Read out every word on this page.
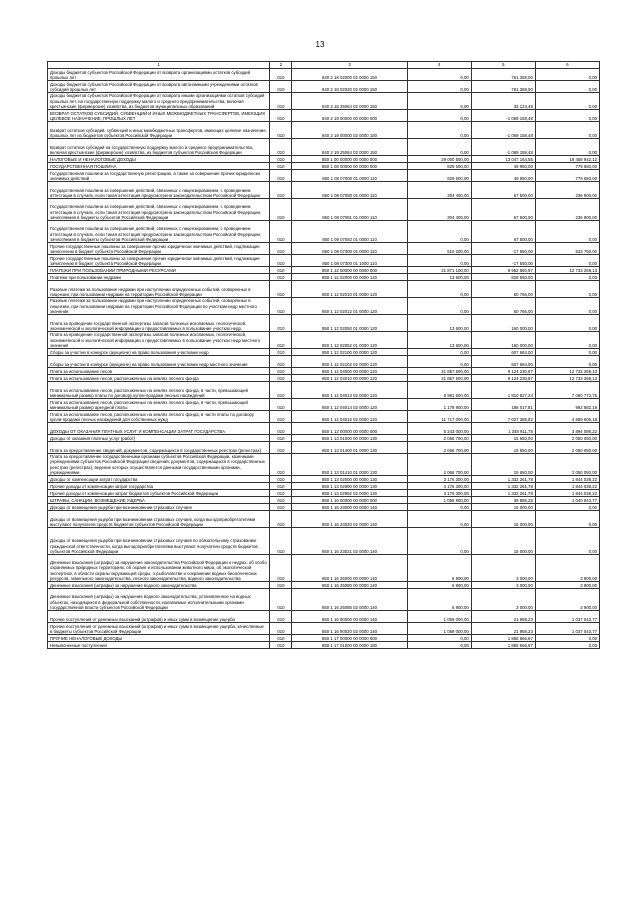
13
1	2	3	4	5	6
Доходы бюджетов субъектов Российской Федерации от возврата организациями остатков субсидий прошлых лет	010	840 2 18 02000 02 0000 150	0,00	761 368,00	0,00
Доходы бюджетов субъектов Российской Федерации от возврата автономными учреждениями остатков субсидий прошлых лет	010	840 2 18 02020 02 0000 150	0,00	761 368,00	0,00
Доходы бюджетов субъектов Российской Федерации от возврата иными организациями остатков субсидий прошлых лет, на государственную поддержку малого и среднего предпринимательства, включая крестьянские (фермерские) хозяйства, из бюджетов муниципальных образований	010	840 2 18 25064 02 0000 150	0,00	33 123,48	0,00
ВОЗВРАТ ОСТАТКОВ СУБСИДИЙ, СУБВЕНЦИЙ И ИНЫХ МЕЖБЮДЖЕТНЫХ ТРАНСФЕРТОВ, ИМЕЮЩИХ ЦЕЛЕВОЕ НАЗНАЧЕНИЕ, ПРОШЛЫХ ЛЕТ	010	840 2 19 00000 00 0000 000	0,00	-1 069 158,48	0,00
Возврат остатков субсидий, субвенций и иных межбюджетных трансфертов, имеющих целевое назначение, прошлых лет из бюджетов субъектов Российской Федерации	010	840 2 19 00000 02 0000 150	0,00	-1 069 158,48	0,00
Возврат остатков субсидий на государственную поддержку малого и среднего предпринимательства, включая крестьянские (фермерские) хозяйства, из бюджетов субъектов Российской Федерации	010	840 2 19 25064 02 0000 150	0,00	-1 069 158,48	0,00
НАЛОГОВЫЕ И НЕНАЛОГОВЫЕ ДОХОДЫ	010	850 1 00 00000 00 0000 000	29 000 500,00	13 047 164,55	18 458 942,12
ГОСУДАРСТВЕННАЯ ПОШЛИНА	010	850 1 08 00000 00 0000 000	829 600,00	49 950,00	779 650,00
Государственная пошлина за государственную регистрацию, а также за совершение прочих юридически значимых действий	010	850 1 08 07000 01 0000 110	829 600,00	49 950,00	779 650,00
Государственная пошлина за совершение действий, связанных с лицензированием, с проведением аттестации в случаях, если такая аттестация предусмотрена законодательством Российской Федерации	010	850 1 08 07080 01 0000 110	304 400,00	67 500,00	236 900,00
Государственная пошлина за совершение действий, связанных с лицензированием, с проведением аттестации в случаях, если такая аттестация предусмотрена законодательством Российской Федерации, зачисляемая в бюджеты субъектов Российской Федерации	010	850 1 08 07081 01 0000 110	304 400,00	67 500,00	236 900,00
Государственная пошлина за совершение действий, связанных с лицензированием, с проведением аттестации в случаях, если такая аттестация предусмотрена законодательством Российской Федерации, зачисляемая в бюджеты субъектов Российской Федерации	010	850 1 08 07082 01 0000 110	0,00	67 500,00	0,00
Прочие государственные пошлины за совершение прочих юридически значимых действий, подлежащие зачислению в бюджет субъекта Российской Федерации	010	850 1 08 07300 01 0000 110	510 200,00	-17 550,00	533 750,00
Прочие государственные пошлины за совершение прочих юридически значимых действий, подлежащие зачислению в бюджет субъекта Российской Федерации	010	850 1 08 07300 01 1000 110	0,00	-17 550,00	0,00
ПЛАТЕЖИ ПРИ ПОЛЬЗОВАНИИ ПРИРОДНЫМИ РЕСУРСАМИ	010	850 1 12 00000 00 0000 000	21 871 100,00	9 952 860,97	12 733 269,13
Платежи при пользовании недрами	010	850 1 12 02000 00 0000 120	13 600,00	828 550,00	0,00
Разовые платежи за пользование недрами при наступлении определенных событий, оговоренных в лицензии, при пользовании недрами на территории Российской Федерации	010	850 1 12 02010 01 0000 120	0,00	60 766,00	0,00
Разовые платежи за пользование недрами при наступлении определенных событий, оговоренных в лицензии, при пользовании недрами на территории Российской Федерации по участкам недр местного значения	010	850 1 12 02012 01 0000 120	0,00	60 766,00	0,00
Плата за проведение государственной экспертизы запасов полезных ископаемых, геологической, экономической и экологической информации о предоставляемых в пользование участках недр	010	850 1 12 02050 01 0000 120	13 600,00	160 000,00	0,00
Плата за проведение государственной экспертизы запасов полезных ископаемых, геологической, экономической и экологической информации о предоставляемых в пользование участках недр местного значения	010	850 1 12 02052 01 0000 120	13 600,00	160 000,00	0,00
Сборы за участие в конкурсе (аукционе) на право пользования участками недр	010	850 1 12 02100 00 0000 120	0,00	607 684,00	0,00
Сборы за участие в конкурсе (аукционе) на право пользования участками недр местного значения	010	850 1 12 02102 02 0000 120	0,00	607 684,00	0,00
Плата за использование лесов	010	850 1 12 04000 00 0000 120	21 857 500,00	9 124 230,87	12 733 269,13
Плата за использование лесов, расположенных на землях лесного фонда	010	850 1 12 04010 00 0000 120	21 857 500,00	9 124 230,87	12 733 269,13
Плата за использование лесов, расположенных на землях лесного фонда, в части, превышающей минимальный размер платы по договору купли-продажи лесных насаждений	010	850 1 12 04013 02 0000 120	8 981 600,00	1 810 827,24	7 060 772,76
Плата за использование лесов, расположенных на землях лесного фонда, в части, превышающей минимальный размер арендной платы	010	850 1 12 04014 02 0000 120	1 178 900,00	186 017,81	992 882,19
Плата за использование лесов, расположенных на землях лесного фонда, в части платы по договору купли-продажи лесных насаждений для собственных нужд	010	850 1 12 04015 02 0000 120	11 717 000,00	7 027 385,82	4 689 605,18
ДОХОДЫ ОТ ОКАЗАНИЯ ПЛАТНЫХ УСЛУГ И КОМПЕНСАЦИИ ЗАТРАТ ГОСУДАРСТВА	010	850 1 13 00000 00 0000 000	5 243 000,00	1 348 911,78	3 894 088,22
Доходы от оказания платных услуг (работ)	010	850 1 13 01000 00 0000 130	2 066 700,00	15 650,00	2 050 050,00
Плата за предоставление сведений, документов, содержащихся в государственных реестрах (регистрах)	010	850 1 13 01400 01 0000 130	2 066 700,00	15 650,00	2 050 050,00
Плата за предоставление государственными органами субъектов Российской Федерации, казенными учреждениями субъектов Российской Федерации сведений, документов, содержащихся в государственных реестрах (регистрах), ведение которых осуществляется данными государственными органами, учреждениями	010	850 1 13 01410 01 0000 130	2 066 700,00	15 650,00	2 050 050,00
Доходы от компенсации затрат государства	010	850 1 13 02000 00 0000 130	3 176 300,00	1 332 261,78	1 844 038,22
Прочие доходы от компенсации затрат государства	010	850 1 13 02990 00 0000 130	3 176 300,00	1 332 261,78	1 844 038,22
Прочие доходы от компенсации затрат бюджетов субъектов Российской Федерации	010	850 1 13 02992 02 0000 130	3 176 300,00	1 332 261,78	1 844 038,22
ШТРАФЫ, САНКЦИИ, ВОЗМЕЩЕНИЕ УЩЕРБА	010	850 1 16 00000 00 0000 000	1 055 900,00	39 895,25	1 040 943,77
Доходы от возмещения ущерба при возникновении страховых случаев	010	850 1 16 23000 00 0000 140	0,00	15 000,00	0,00
Доходы от возмещения ущерба при возникновении страховых случаев, когда выгодоприобретателями выступают получатели средств бюджетов субъектов Российской Федерации	010	850 1 16 23020 02 0000 140	0,00	15 000,00	0,00
Доходы от возмещения ущерба при возникновении страховых случаев по обязательному страхованию гражданской ответственности, когда выгодоприобретателями выступают получатели средств бюджетов субъектов Российской Федерации	010	850 1 16 23021 02 0000 140	0,00	15 000,00	0,00
Денежные взыскания (штрафы) за нарушение законодательства Российской Федерации о недрах, об особо охраняемых природных территориях, об охране и использовании животного мира, об экологической экспертизе, в области охраны окружающей среды, о рыболовстве и сохранении водных биологических ресурсов, земельного законодательства, лесного законодательства, водного законодательства	010	850 1 16 25000 00 0000 140	6 900,00	3 000,00	3 900,00
Денежные взыскания (штрафы) за нарушение водного законодательства	010	850 1 16 25080 00 0000 140	6 900,00	3 000,00	3 900,00
Денежные взыскания (штрафы) за нарушение водного законодательства, установленное на водных объектах, находящихся в федеральной собственности, налагаемые исполнительными органами государственной власти субъектов Российской Федерации	010	850 1 16 25085 02 0000 140	6 900,00	3 000,00	3 900,00
Прочие поступления от денежных взысканий (штрафов) и иных сумм в возмещение ущерба	010	850 1 16 90000 00 0000 140	1 059 000,00	21 958,23	1 037 043,77
Прочие поступления от денежных взысканий (штрафов) и иных сумм в возмещение ущерба, зачисляемые в бюджеты субъектов Российской Федерации	010	850 1 16 90020 02 0000 140	1 059 000,00	21 958,23	1 037 043,77
ПРОЧИЕ НЕНАЛОГОВЫЕ ДОХОДЫ	010	850 1 17 00000 00 0000 000	0,00	1 855 566,67	0,00
Невыясненные поступления	010	850 1 17 01000 00 0000 180	0,00	1 855 566,67	0,00
